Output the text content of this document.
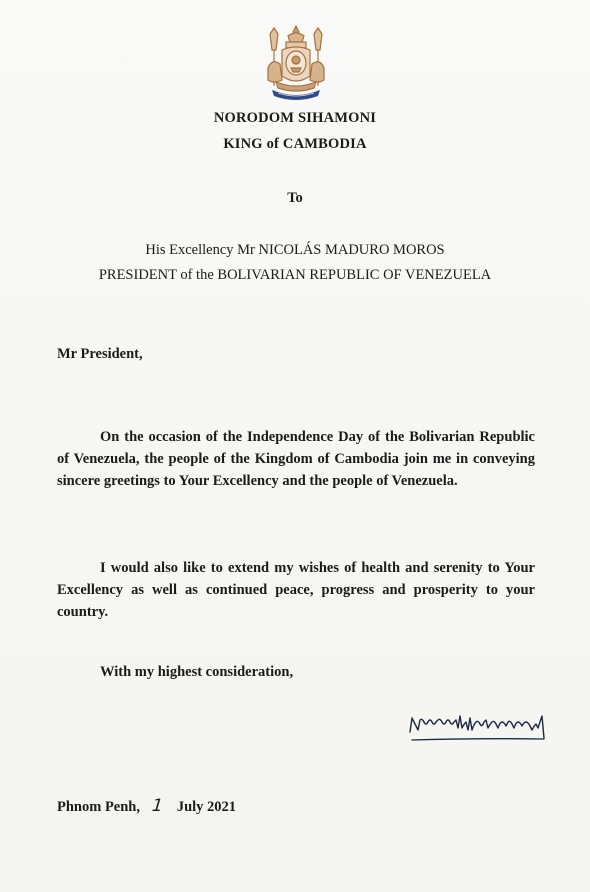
NORODOM SIHAMONI
KING of CAMBODIA
To
His Excellency Mr NICOLÁS MADURO MOROS
PRESIDENT of the BOLIVARIAN REPUBLIC OF VENEZUELA
Mr President,
On the occasion of the Independence Day of the Bolivarian Republic of Venezuela, the people of the Kingdom of Cambodia join me in conveying sincere greetings to Your Excellency and the people of Venezuela.
I would also like to extend my wishes of health and serenity to Your Excellency as well as continued peace, progress and prosperity to your country.
With my highest consideration,
Phnom Penh, 1 July 2021
